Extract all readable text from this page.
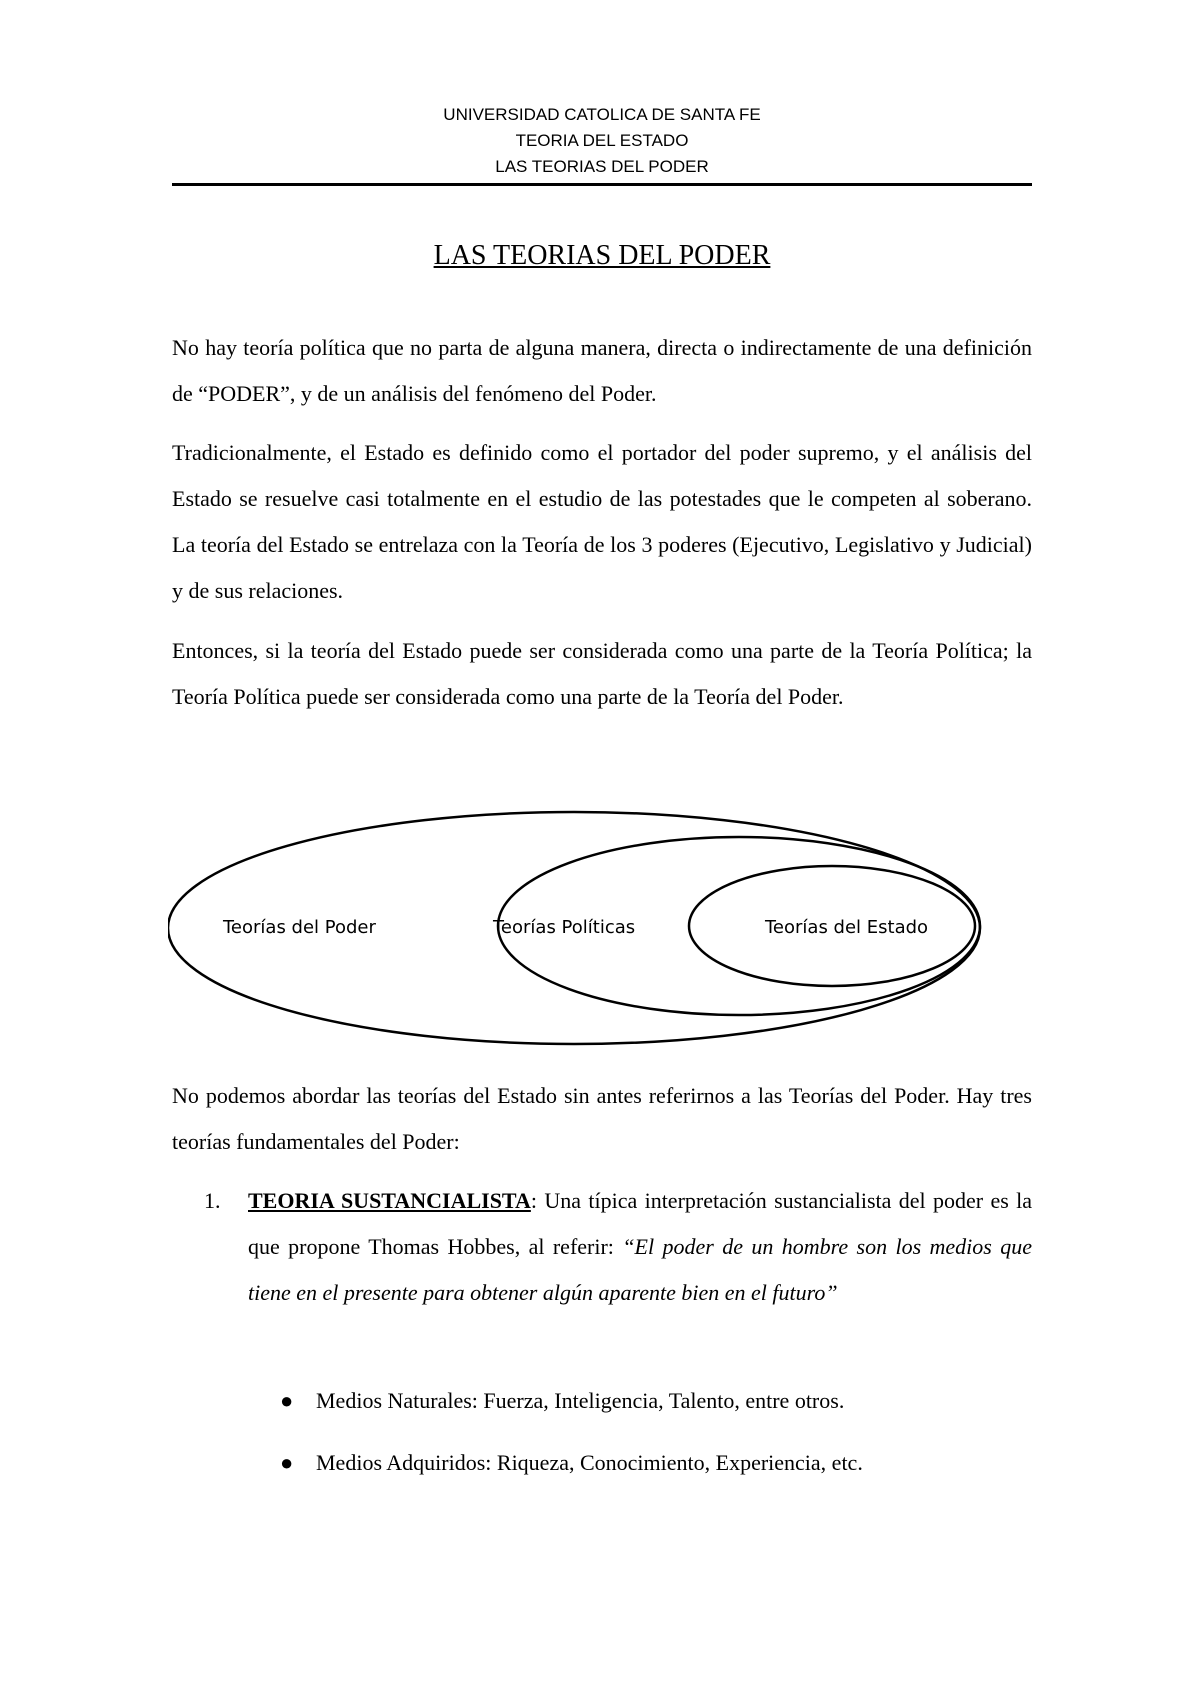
UNIVERSIDAD CATOLICA DE SANTA FE
TEORIA DEL ESTADO
LAS TEORIAS DEL PODER
LAS TEORIAS DEL PODER

No hay teoría política que no parta de alguna manera, directa o indirectamente de una definición de “PODER”, y de un análisis del fenómeno del Poder.

Tradicionalmente, el Estado es definido como el portador del poder supremo, y el análisis del Estado se resuelve casi totalmente en el estudio de las potestades que le competen al soberano. La teoría del Estado se entrelaza con la Teoría de los 3 poderes (Ejecutivo, Legislativo y Judicial) y de sus relaciones.

Entonces, si la teoría del Estado puede ser considerada como una parte de la Teoría Política; la Teoría Política puede ser considerada como una parte de la Teoría del Poder.

Teorías del Poder	Teorías Políticas	Teorías del Estado

No podemos abordar las teorías del Estado sin antes referirnos a las Teorías del Poder. Hay tres teorías fundamentales del Poder:

1. TEORIA SUSTANCIALISTA: Una típica interpretación sustancialista del poder es la que propone Thomas Hobbes, al referir: “El poder de un hombre son los medios que tiene en el presente para obtener algún aparente bien en el futuro”
● Medios Naturales: Fuerza, Inteligencia, Talento, entre otros.
● Medios Adquiridos: Riqueza, Conocimiento, Experiencia, etc.
